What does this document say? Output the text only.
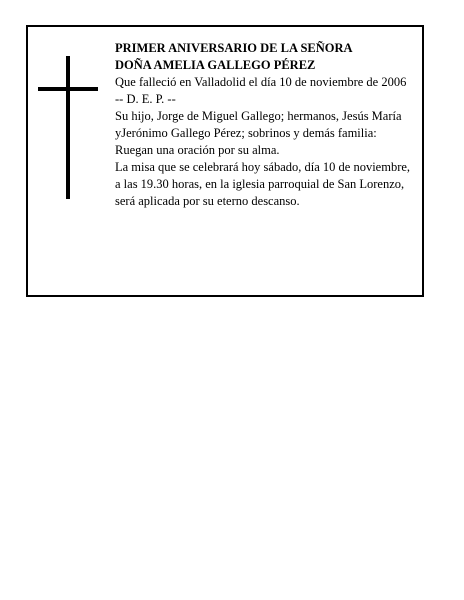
PRIMER ANIVERSARIO DE LA SEÑORA

DOÑA AMELIA GALLEGO PÉREZ

Que falleció en Valladolid el día 10 de noviembre de 2006

-- D. E. P. --

Su hijo, Jorge de Miguel Gallego; hermanos, Jesús María yJerónimo Gallego Pérez; sobrinos y demás familia:

Ruegan una oración por su alma.

La misa que se celebrará hoy sábado, día 10 de noviembre, a las 19.30 horas, en la iglesia parroquial de San Lorenzo, será aplicada por su eterno descanso.
